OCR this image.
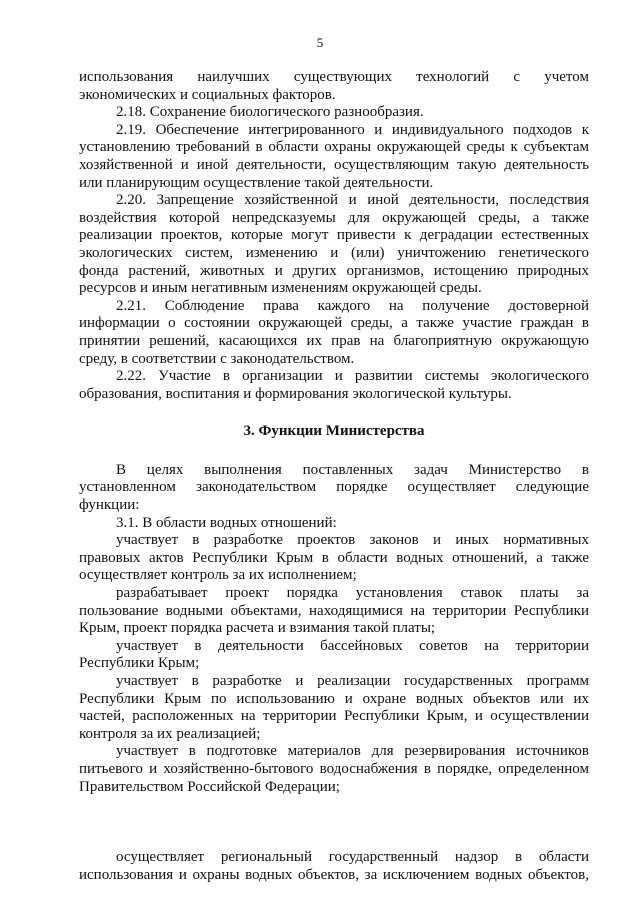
5

использования наилучших существующих технологий с учетом

экономических и социальных факторов.

2.18. Сохранение биологического разнообразия.

2.19. Обеспечение интегрированного и индивидуального подходов к

установлению требований в области охраны окружающей среды к субъектам

хозяйственной и иной деятельности, осуществляющим такую деятельность

или планирующим осуществление такой деятельности.

2.20. Запрещение хозяйственной и иной деятельности, последствия

воздействия которой непредсказуемы для окружающей среды, а также

реализации проектов, которые могут привести к деградации естественных

экологических систем, изменению и (или) уничтожению генетического

фонда растений, животных и других организмов, истощению природных

ресурсов и иным негативным изменениям окружающей среды.

2.21. Соблюдение права каждого на получение достоверной

информации о состоянии окружающей среды, а также участие граждан в

принятии решений, касающихся их прав на благоприятную окружающую

среду, в соответствии с законодательством.

2.22. Участие в организации и развитии системы экологического

образования, воспитания и формирования экологической культуры.

3. Функции Министерства

В целях выполнения поставленных задач Министерство в

установленном законодательством порядке осуществляет следующие

функции:

3.1. В области водных отношений:

участвует в разработке проектов законов и иных нормативных

правовых актов Республики Крым в области водных отношений, а также

осуществляет контроль за их исполнением;

разрабатывает проект порядка установления ставок платы за

пользование водными объектами, находящимися на территории Республики

Крым, проект порядка расчета и взимания такой платы;

участвует в деятельности бассейновых советов на территории

Республики Крым;

участвует в разработке и реализации государственных программ

Республики Крым по использованию и охране водных объектов или их

частей, расположенных на территории Республики Крым, и осуществлении

контроля за их реализацией;

участвует в подготовке материалов для резервирования источников

питьевого и хозяйственно-бытового водоснабжения в порядке, определенном

Правительством Российской Федерации;

осуществляет региональный государственный надзор в области

использования и охраны водных объектов, за исключением водных объектов,
